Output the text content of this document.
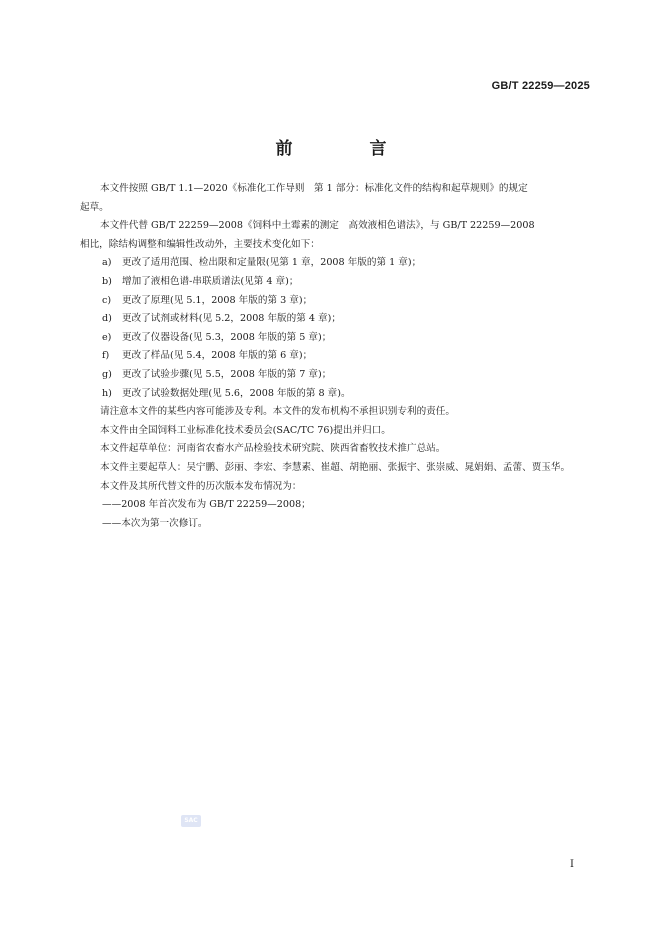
GB/T 22259—2025
前　言

本文件按照 GB/T 1.1—2020《标准化工作导则　第 1 部分：标准化文件的结构和起草规则》的规定
起草。

本文件代替 GB/T 22259—2008《饲料中土霉素的测定　高效液相色谱法》，与 GB/T 22259—2008
相比，除结构调整和编辑性改动外，主要技术变化如下：

a) 更改了适用范围、检出限和定量限(见第 1 章，2008 年版的第 1 章)；

b) 增加了液相色谱-串联质谱法(见第 4 章)；

c) 更改了原理(见 5.1，2008 年版的第 3 章)；

d) 更改了试剂或材料(见 5.2，2008 年版的第 4 章)；

e) 更改了仪器设备(见 5.3，2008 年版的第 5 章)；

f) 更改了样品(见 5.4，2008 年版的第 6 章)；

g) 更改了试验步骤(见 5.5，2008 年版的第 7 章)；

h) 更改了试验数据处理(见 5.6，2008 年版的第 8 章)。

请注意本文件的某些内容可能涉及专利。本文件的发布机构不承担识别专利的责任。

本文件由全国饲料工业标准化技术委员会(SAC/TC 76)提出并归口。

本文件起草单位：河南省农畜水产品检验技术研究院、陕西省畜牧技术推广总站。

本文件主要起草人：吴宁鹏、彭丽、李宏、李慧素、崔超、胡艳丽、张振宇、张崇威、晁娟娟、孟蕾、贾玉华。

本文件及其所代替文件的历次版本发布情况为：

——2008 年首次发布为 GB/T 22259—2008；

——本次为第一次修订。

SAC
I
